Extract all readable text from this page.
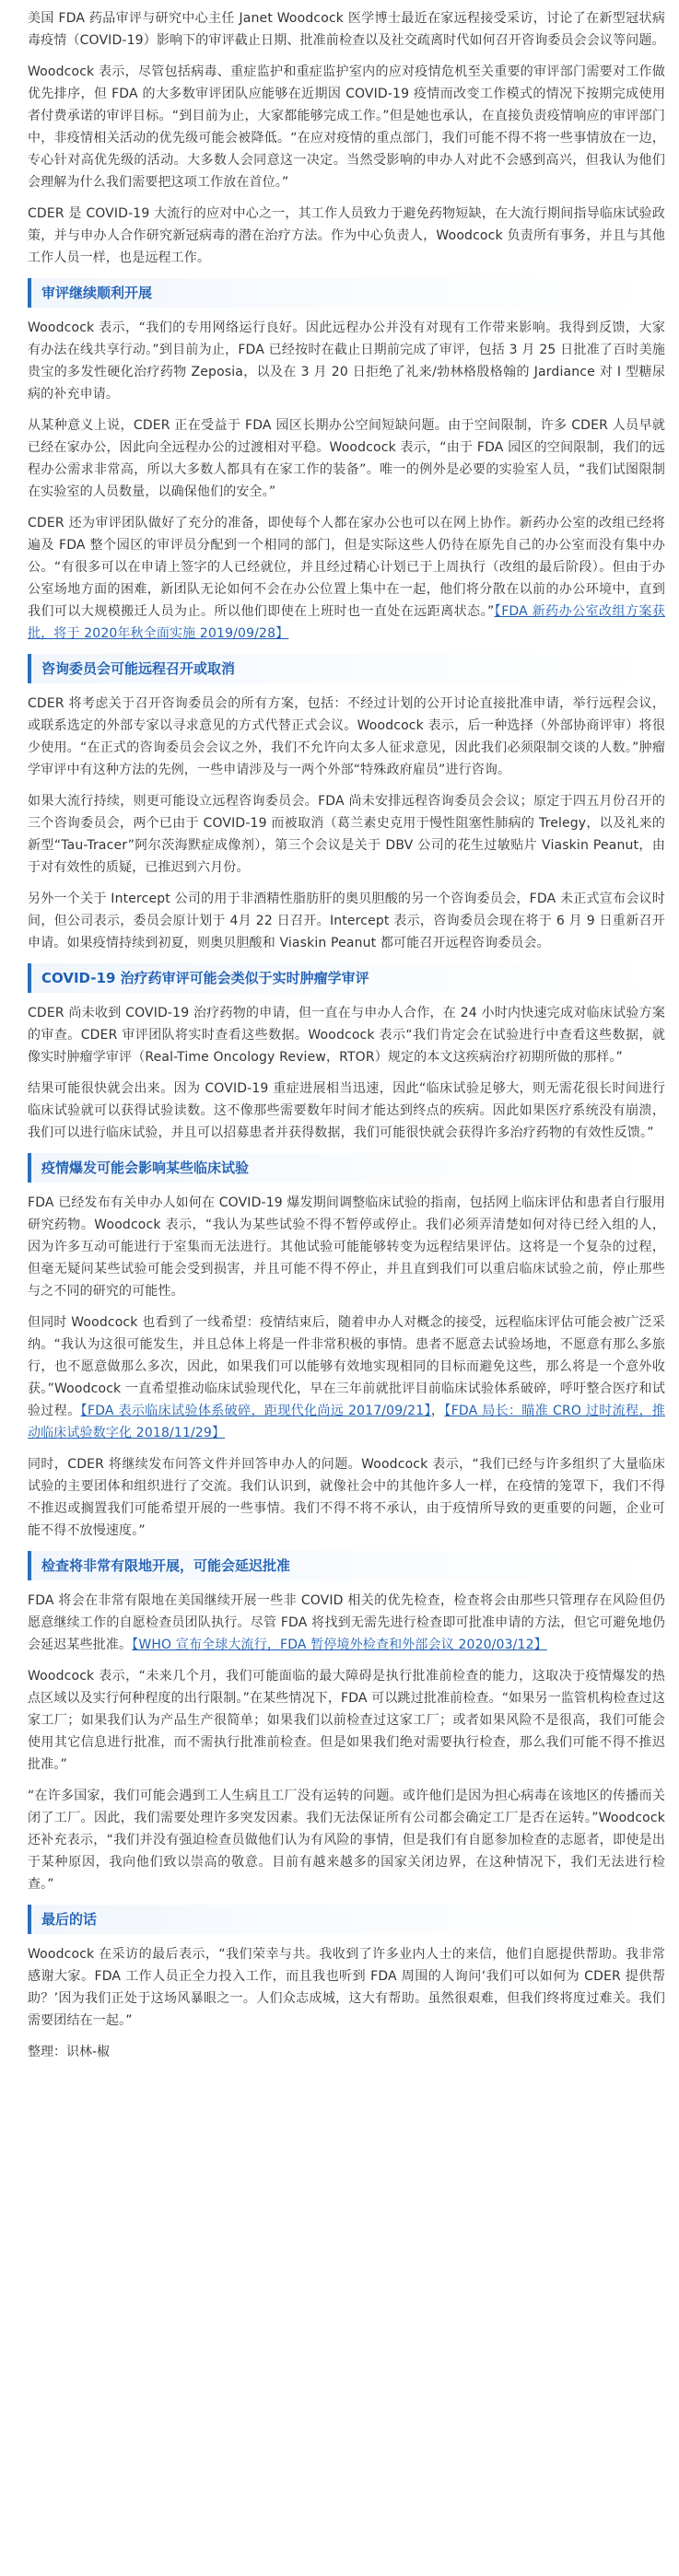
美国 FDA 药品审评与研究中心主任 Janet Woodcock 医学博士最近在家远程接受采访，讨论了在新型冠状病毒疫情（COVID-19）影响下的审评截止日期、批准前检查以及社交疏离时代如何召开咨询委员会会议等问题。

Woodcock 表示，尽管包括病毒、重症监护和重症监护室内的应对疫情危机至关重要的审评部门需要对工作做优先排序，但 FDA 的大多数审评团队应能够在近期因 COVID-19 疫情而改变工作模式的情况下按期完成使用者付费承诺的审评目标。“到目前为止，大家都能够完成工作。”但是她也承认，在直接负责疫情响应的审评部门中，非疫情相关活动的优先级可能会被降低。“在应对疫情的重点部门，我们可能不得不将一些事情放在一边，专心针对高优先级的活动。大多数人会同意这一决定。当然受影响的申办人对此不会感到高兴，但我认为他们会理解为什么我们需要把这项工作放在首位。”

CDER 是 COVID-19 大流行的应对中心之一，其工作人员致力于避免药物短缺，在大流行期间指导临床试验政策，并与申办人合作研究新冠病毒的潜在治疗方法。作为中心负责人，Woodcock 负责所有事务，并且与其他工作人员一样，也是远程工作。

审评继续顺利开展

Woodcock 表示，“我们的专用网络运行良好。因此远程办公并没有对现有工作带来影响。我得到反馈，大家有办法在线共享行动。”到目前为止，FDA 已经按时在截止日期前完成了审评，包括 3 月 25 日批准了百时美施贵宝的多发性硬化治疗药物 Zeposia，以及在 3 月 20 日拒绝了礼来/勃林格殷格翰的 Jardiance 对 I 型糖尿病的补充申请。

从某种意义上说，CDER 正在受益于 FDA 园区长期办公空间短缺问题。由于空间限制，许多 CDER 人员早就已经在家办公，因此向全远程办公的过渡相对平稳。Woodcock 表示，“由于 FDA 园区的空间限制，我们的远程办公需求非常高，所以大多数人都具有在家工作的装备”。唯一的例外是必要的实验室人员，“我们试图限制在实验室的人员数量，以确保他们的安全。”

CDER 还为审评团队做好了充分的准备，即使每个人都在家办公也可以在网上协作。新药办公室的改组已经将遍及 FDA 整个园区的审评员分配到一个相同的部门，但是实际这些人仍待在原先自己的办公室而没有集中办公。“有很多可以在申请上签字的人已经就位，并且经过精心计划已于上周执行（改组的最后阶段）。但由于办公室场地方面的困难，新团队无论如何不会在办公位置上集中在一起，他们将分散在以前的办公环境中，直到我们可以大规模搬迁人员为止。所以他们即使在上班时也一直处在远距离状态。”【FDA 新药办公室改组方案获批，将于 2020年秋全面实施 2019/09/28】

咨询委员会可能远程召开或取消

CDER 将考虑关于召开咨询委员会的所有方案，包括：不经过计划的公开讨论直接批准申请，举行远程会议，或联系选定的外部专家以寻求意见的方式代替正式会议。Woodcock 表示，后一种选择（外部协商评审）将很少使用。“在正式的咨询委员会会议之外，我们不允许向太多人征求意见，因此我们必须限制交谈的人数。”肿瘤学审评中有这种方法的先例，一些申请涉及与一两个外部“特殊政府雇员”进行咨询。

如果大流行持续，则更可能设立远程咨询委员会。FDA 尚未安排远程咨询委员会会议；原定于四五月份召开的三个咨询委员会，两个已由于 COVID-19 而被取消（葛兰素史克用于慢性阻塞性肺病的 Trelegy，以及礼来的新型“Tau-Tracer”阿尔茨海默症成像剂），第三个会议是关于 DBV 公司的花生过敏贴片 Viaskin Peanut，由于对有效性的质疑，已推迟到六月份。

另外一个关于 Intercept 公司的用于非酒精性脂肪肝的奥贝胆酸的另一个咨询委员会，FDA 未正式宣布会议时间，但公司表示，委员会原计划于 4月 22 日召开。Intercept 表示，咨询委员会现在将于 6 月 9 日重新召开申请。如果疫情持续到初夏，则奥贝胆酸和 Viaskin Peanut 都可能召开远程咨询委员会。

COVID-19 治疗药审评可能会类似于实时肿瘤学审评

CDER 尚未收到 COVID-19 治疗药物的申请，但一直在与申办人合作，在 24 小时内快速完成对临床试验方案的审查。CDER 审评团队将实时查看这些数据。Woodcock 表示“我们肯定会在试验进行中查看这些数据，就像实时肿瘤学审评（Real-Time Oncology Review，RTOR）规定的本文这疾病治疗初期所做的那样。”

结果可能很快就会出来。因为 COVID-19 重症进展相当迅速，因此“临床试验足够大，则无需花很长时间进行临床试验就可以获得试验读数。这不像那些需要数年时间才能达到终点的疾病。因此如果医疗系统没有崩溃，我们可以进行临床试验，并且可以招募患者并获得数据，我们可能很快就会获得许多治疗药物的有效性反馈。”

疫情爆发可能会影响某些临床试验

FDA 已经发布有关申办人如何在 COVID-19 爆发期间调整临床试验的指南，包括网上临床评估和患者自行服用研究药物。Woodcock 表示，“我认为某些试验不得不暂停或停止。我们必须弄清楚如何对待已经入组的人，因为许多互动可能进行于室集而无法进行。其他试验可能能够转变为远程结果评估。这将是一个复杂的过程，但毫无疑问某些试验可能会受到损害，并且可能不得不停止，并且直到我们可以重启临床试验之前，停止那些与之不同的研究的可能性。

但同时 Woodcock 也看到了一线希望：疫情结束后，随着申办人对概念的接受，远程临床评估可能会被广泛采纳。“我认为这很可能发生，并且总体上将是一件非常积极的事情。患者不愿意去试验场地，不愿意有那么多旅行，也不愿意做那么多次，因此，如果我们可以能够有效地实现相同的目标而避免这些，那么将是一个意外收获。”Woodcock 一直希望推动临床试验现代化，早在三年前就批评目前临床试验体系破碎，呼吁整合医疗和试验过程。【FDA 表示临床试验体系破碎，距现代化尚远 2017/09/21】，【FDA 局长：瞄准 CRO 过时流程，推动临床试验数字化 2018/11/29】

同时，CDER 将继续发布问答文件并回答申办人的问题。Woodcock 表示，“我们已经与许多组织了大量临床试验的主要团体和组织进行了交流。我们认识到，就像社会中的其他许多人一样，在疫情的笼罩下，我们不得不推迟或搁置我们可能希望开展的一些事情。我们不得不将不承认，由于疫情所导致的更重要的问题，企业可能不得不放慢速度。”

检查将非常有限地开展，可能会延迟批准

FDA 将会在非常有限地在美国继续开展一些非 COVID 相关的优先检查，检查将会由那些只管理存在风险但仍愿意继续工作的自愿检查员团队执行。尽管 FDA 将找到无需先进行检查即可批准申请的方法，但它可避免地仍会延迟某些批准。【WHO 宣布全球大流行，FDA 暂停境外检查和外部会议 2020/03/12】

Woodcock 表示，“未来几个月，我们可能面临的最大障碍是执行批准前检查的能力，这取决于疫情爆发的热点区域以及实行何种程度的出行限制。”在某些情况下，FDA 可以跳过批准前检查。“如果另一监管机构检查过这家工厂；如果我们认为产品生产很简单；如果我们以前检查过这家工厂；或者如果风险不是很高，我们可能会使用其它信息进行批准，而不需执行批准前检查。但是如果我们绝对需要执行检查，那么我们可能不得不推迟批准。”

“在许多国家，我们可能会遇到工人生病且工厂没有运转的问题。或许他们是因为担心病毒在该地区的传播而关闭了工厂。因此，我们需要处理许多突发因素。我们无法保证所有公司都会确定工厂是否在运转。”Woodcock 还补充表示，“我们并没有强迫检查员做他们认为有风险的事情，但是我们有自愿参加检查的志愿者，即使是出于某种原因，我向他们致以崇高的敬意。目前有越来越多的国家关闭边界，在这种情况下，我们无法进行检查。”

最后的话

Woodcock 在采访的最后表示，“我们荣幸与共。我收到了许多业内人士的来信，他们自愿提供帮助。我非常感谢大家。FDA 工作人员正全力投入工作，而且我也听到 FDA 周围的人询问‘我们可以如何为 CDER 提供帮助？’因为我们正处于这场风暴眼之一。人们众志成城，这大有帮助。虽然很艰难，但我们终将度过难关。我们需要团结在一起。”

整理：识林-椒
